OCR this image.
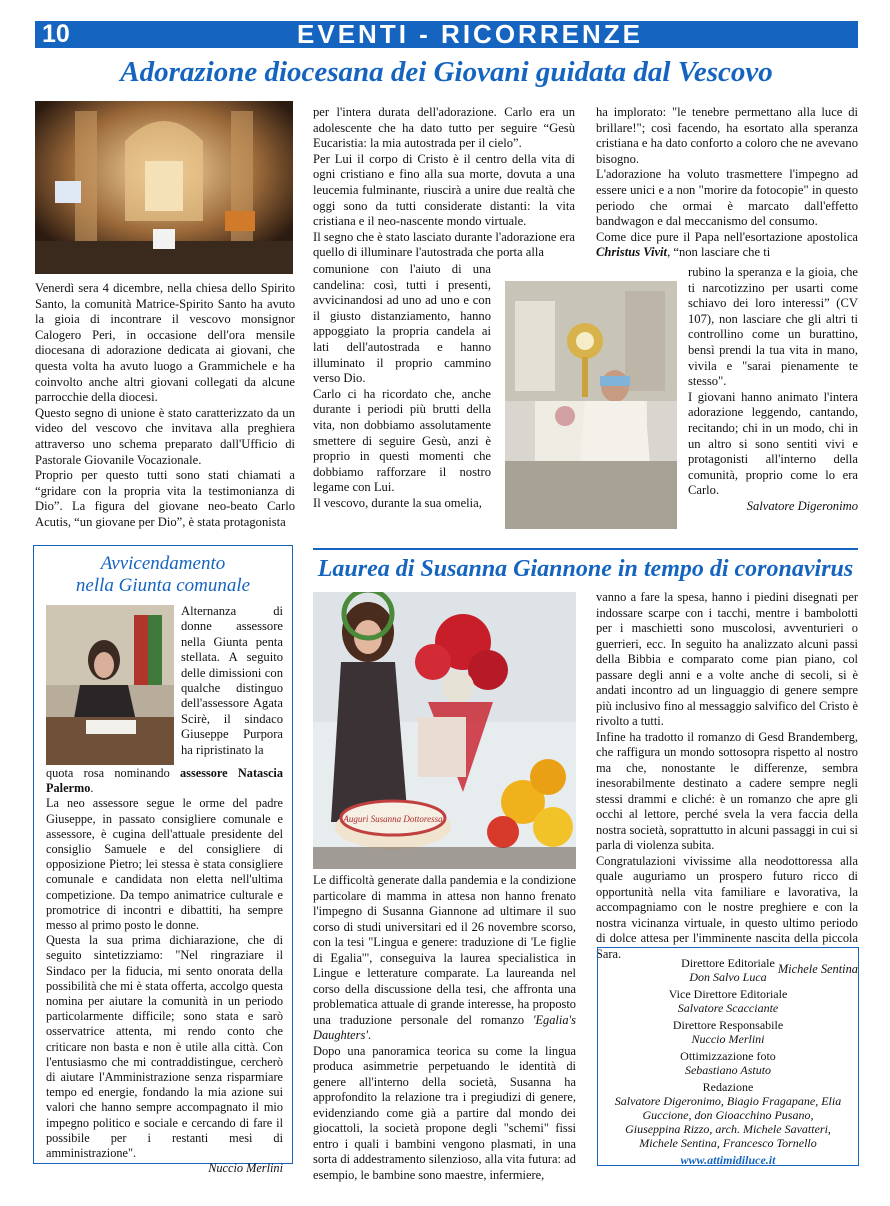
10	EVENTI - RICORRENZE
Adorazione diocesana dei Giovani guidata dal Vescovo

Venerdì sera 4 dicembre, nella chiesa dello Spirito Santo, la comunità Matrice-Spirito Santo ha avuto la gioia di incontrare il vescovo monsignor Calogero Peri, in occasione dell'ora mensile diocesana di adorazione dedicata ai giovani, che questa volta ha avuto luogo a Grammichele e ha coinvolto anche altri giovani collegati da alcune parrocchie della diocesi.

Questo segno di unione è stato caratterizzato da un video del vescovo che invitava alla preghiera attraverso uno schema preparato dall'Ufficio di Pastorale Giovanile Vocazionale.

Proprio per questo tutti sono stati chiamati a “gridare con la propria vita la testimonianza di Dio”. La figura del giovane neo-beato Carlo Acutis, “un giovane per Dio”, è stata protagonista

per l'intera durata dell'adorazione. Carlo era un adolescente che ha dato tutto per seguire “Gesù Eucaristia: la mia autostrada per il cielo”.

Per Lui il corpo di Cristo è il centro della vita di ogni cristiano e fino alla sua morte, dovuta a una leucemia fulminante, riuscirà a unire due realtà che oggi sono da tutti considerate distanti: la vita cristiana e il neo-nascente mondo virtuale.

Il segno che è stato lasciato durante l'adorazione era quello di illuminare l'autostrada che porta alla

comunione con l'aiuto di una candelina: così, tutti i presenti, avvicinandosi ad uno ad uno e con il giusto distanziamento, hanno appoggiato la propria candela ai lati dell'autostrada e hanno illuminato il proprio cammino verso Dio.

Carlo ci ha ricordato che, anche durante i periodi più brutti della vita, non dobbiamo assolutamente smettere di seguire Gesù, anzi è proprio in questi momenti che dobbiamo rafforzare il nostro legame con Lui.

Il vescovo, durante la sua omelia,

ha implorato: "le tenebre permettano alla luce di brillare!"; così facendo, ha esortato alla speranza cristiana e ha dato conforto a coloro che ne avevano bisogno.

L'adorazione ha voluto trasmettere l'impegno ad essere unici e a non "morire da fotocopie" in questo periodo che ormai è marcato dall'effetto bandwagon e dal meccanismo del consumo.

Come dice pure il Papa nell'esortazione apostolica Christus Vivit, “non lasciare che ti

rubino la speranza e la gioia, che ti narcotizzino per usarti come schiavo dei loro interessi” (CV 107), non lasciare che gli altri ti controllino come un burattino, bensì prendi la tua vita in mano, vivila e "sarai pienamente te stesso".

I giovani hanno animato l'intera adorazione leggendo, cantando, recitando; chi in un modo, chi in un altro si sono sentiti vivi e protagonisti all'interno della comunità, proprio come lo era Carlo.

Salvatore Digeronimo

Avvicendamento
nella Giunta comunale

Alternanza di donne assessore nella Giunta penta stellata. A seguito delle dimissioni con qualche distinguo dell'assessore Agata Scirè, il sindaco Giuseppe Purpora ha ripristinato la

quota rosa nominando assessore Natascia Palermo.

La neo assessore segue le orme del padre Giuseppe, in passato consigliere comunale e assessore, è cugina dell'attuale presidente del consiglio Samuele e del consigliere di opposizione Pietro; lei stessa è stata consigliere comunale e candidata non eletta nell'ultima competizione. Da tempo animatrice culturale e promotrice di incontri e dibattiti, ha sempre messo al primo posto le donne.

Questa la sua prima dichiarazione, che di seguito sintetizziamo: "Nel ringraziare il Sindaco per la fiducia, mi sento onorata della possibilità che mi è stata offerta, accolgo questa nomina per aiutare la comunità in un periodo particolarmente difficile; sono stata e sarò osservatrice attenta, mi rendo conto che criticare non basta e non è utile alla città. Con l'entusiasmo che mi contraddistingue, cercherò di aiutare l'Amministrazione senza risparmiare tempo ed energie, fondando la mia azione sui valori che hanno sempre accompagnato il mio impegno politico e sociale e cercando di fare il possibile per i restanti mesi di amministrazione".

Nuccio Merlini

Laurea di Susanna Giannone in tempo di coronavirus
Auguri Susanna Dottoressa

Le difficoltà generate dalla pandemia e la condizione particolare di mamma in attesa non hanno frenato l'impegno di Susanna Giannone ad ultimare il suo corso di studi universitari ed il 26 novembre scorso, con la tesi "Lingua e genere: traduzione di 'Le figlie di Egalia'", conseguiva la laurea specialistica in Lingue e letterature comparate. La laureanda nel corso della discussione della tesi, che affronta una problematica attuale di grande interesse, ha proposto una traduzione personale del romanzo 'Egalia's Daughters'.

Dopo una panoramica teorica su come la lingua produca asimmetrie perpetuando le identità di genere all'interno della società, Susanna ha approfondito la relazione tra i pregiudizi di genere, evidenziando come già a partire dal mondo dei giocattoli, la società propone degli "schemi" fissi entro i quali i bambini vengono plasmati, in una sorta di addestramento silenzioso, alla vita futura: ad esempio, le bambine sono maestre, infermiere,

vanno a fare la spesa, hanno i piedini disegnati per indossare scarpe con i tacchi, mentre i bambolotti per i maschietti sono muscolosi, avventurieri o guerrieri, ecc. In seguito ha analizzato alcuni passi della Bibbia e comparato come pian piano, col passare degli anni e a volte anche di secoli, si è andati incontro ad un linguaggio di genere sempre più inclusivo fino al messaggio salvifico del Cristo è rivolto a tutti.

Infine ha tradotto il romanzo di Gesd Brandemberg, che raffigura un mondo sottosopra rispetto al nostro ma che, nonostante le differenze, sembra inesorabilmente destinato a cadere sempre negli stessi drammi e cliché: è un romanzo che apre gli occhi al lettore, perché svela la vera faccia della nostra società, soprattutto in alcuni passaggi in cui si parla di violenza subita.

Congratulazioni vivissime alla neodottoressa alla quale auguriamo un prospero futuro ricco di opportunità nella vita familiare e lavorativa, la accompagniamo con le nostre preghiere e con la nostra vicinanza virtuale, in questo ultimo periodo di dolce attesa per l'imminente nascita della piccola Sara.

Michele Sentina

Direttore Editoriale

Don Salvo Luca

Vice Direttore Editoriale

Salvatore Scacciante

Direttore Responsabile

Nuccio Merlini

Ottimizzazione foto

Sebastiano Astuto

Redazione

Salvatore Digeronimo, Biagio Fragapane, Elia Guccione, don Gioacchino Pusano, Giuseppina Rizzo, arch. Michele Savatteri, Michele Sentina, Francesco Tornello

www.attimidiluce.it
